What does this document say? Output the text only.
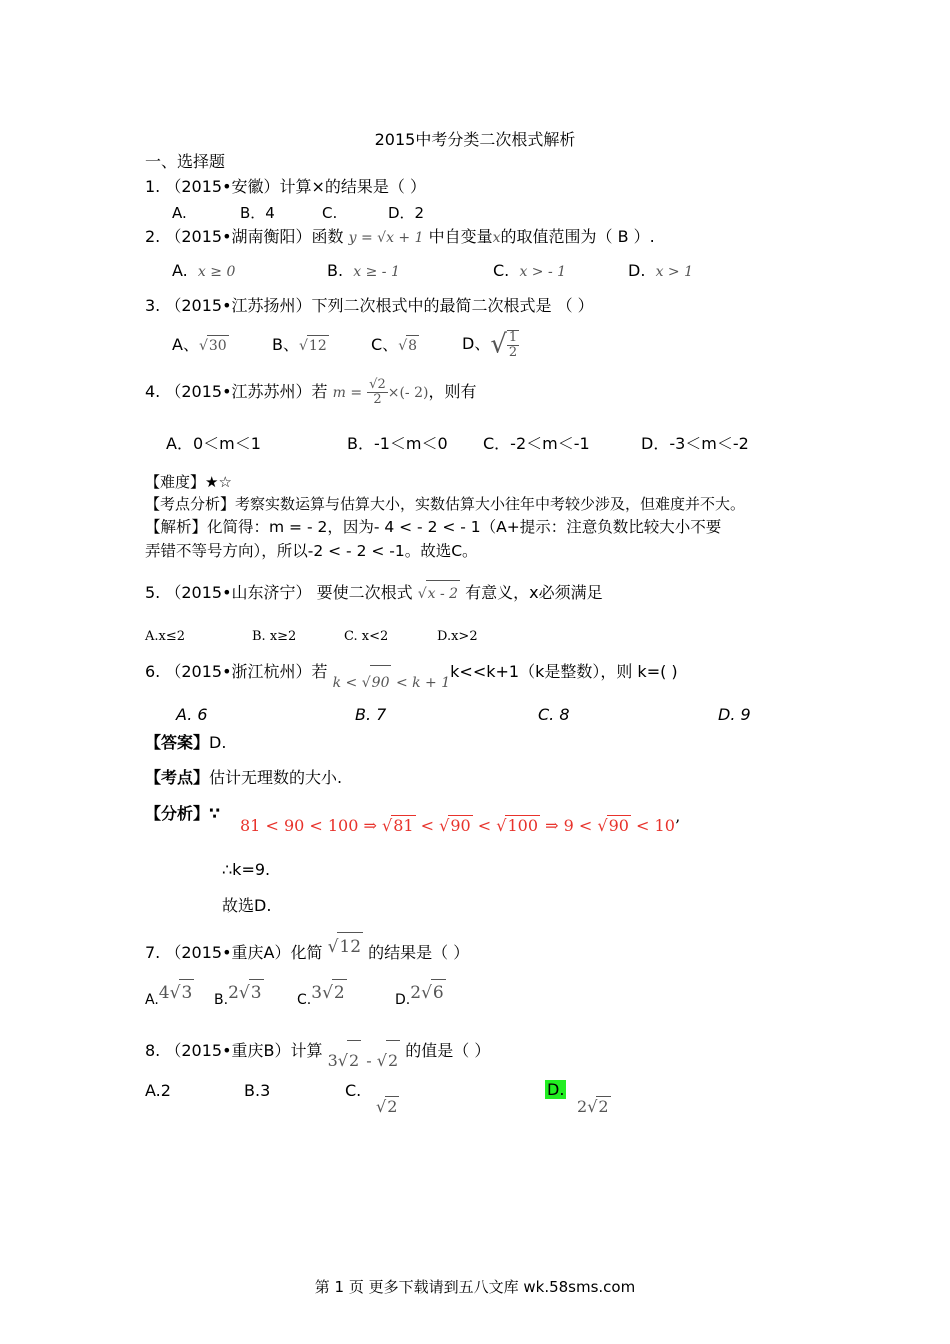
2015中考分类二次根式解析
一、选择题
1. （2015•安徽）计算×的结果是（ ）
A.	B．4	C.	D．2
2. （2015•湖南衡阳）函数 y = √x + 1 中自变量x的取值范围为（ B ）.
A. x ≥ 0	B. x ≥ - 1	C. x > - 1	D. x > 1
3. （2015•江苏扬州）下列二次根式中的最简二次根式是 （ ）
A、√30	B、√12	C、√8	D、√ $\frac{1}{2}$
4. （2015•江苏苏州）若 $m = \frac{√2}{2}$ ×(- 2)，则有
A．0＜m＜1	B．-1＜m＜0 C．-2＜m＜-1	D．-3＜m＜-2
【难度】★☆
【考点分析】考察实数运算与估算大小，实数估算大小往年中考较少涉及，但难度并不大。
【解析】化简得：m = - 2，因为- 4 < - 2 < - 1（A+提示：注意负数比较大小不要
弄错不等号方向），所以-2 < - 2 < -1。故选C。
5. （2015•山东济宁） 要使二次根式 √x - 2 有意义，x必须满足
A.x≤2	B. x≥2	C. x<2	D.x>2
6. （2015•浙江杭州）若 k < √90 < k + 1k<<k+1（k是整数），则 k=( )
A. 6	B. 7	C. 8	D. 9
【答案】D.
【考点】估计无理数的大小.
【分析】∵
81 < 90 < 100 ⇒ √81 < √90 < √100 ⇒ 9 < √90 < 10’
∴k=9.
故选D.
7. （2015•重庆A）化简 √12 的结果是（ ）
A.4√3 B.2√3	C.3√2	D.2√6
8. （2015•重庆B）计算 3√2 - √2 的值是（ ）
A.2	B.3	C.
√2
D.
2√2
第 1 页 更多下载请到五八文库 wk.58sms.com
